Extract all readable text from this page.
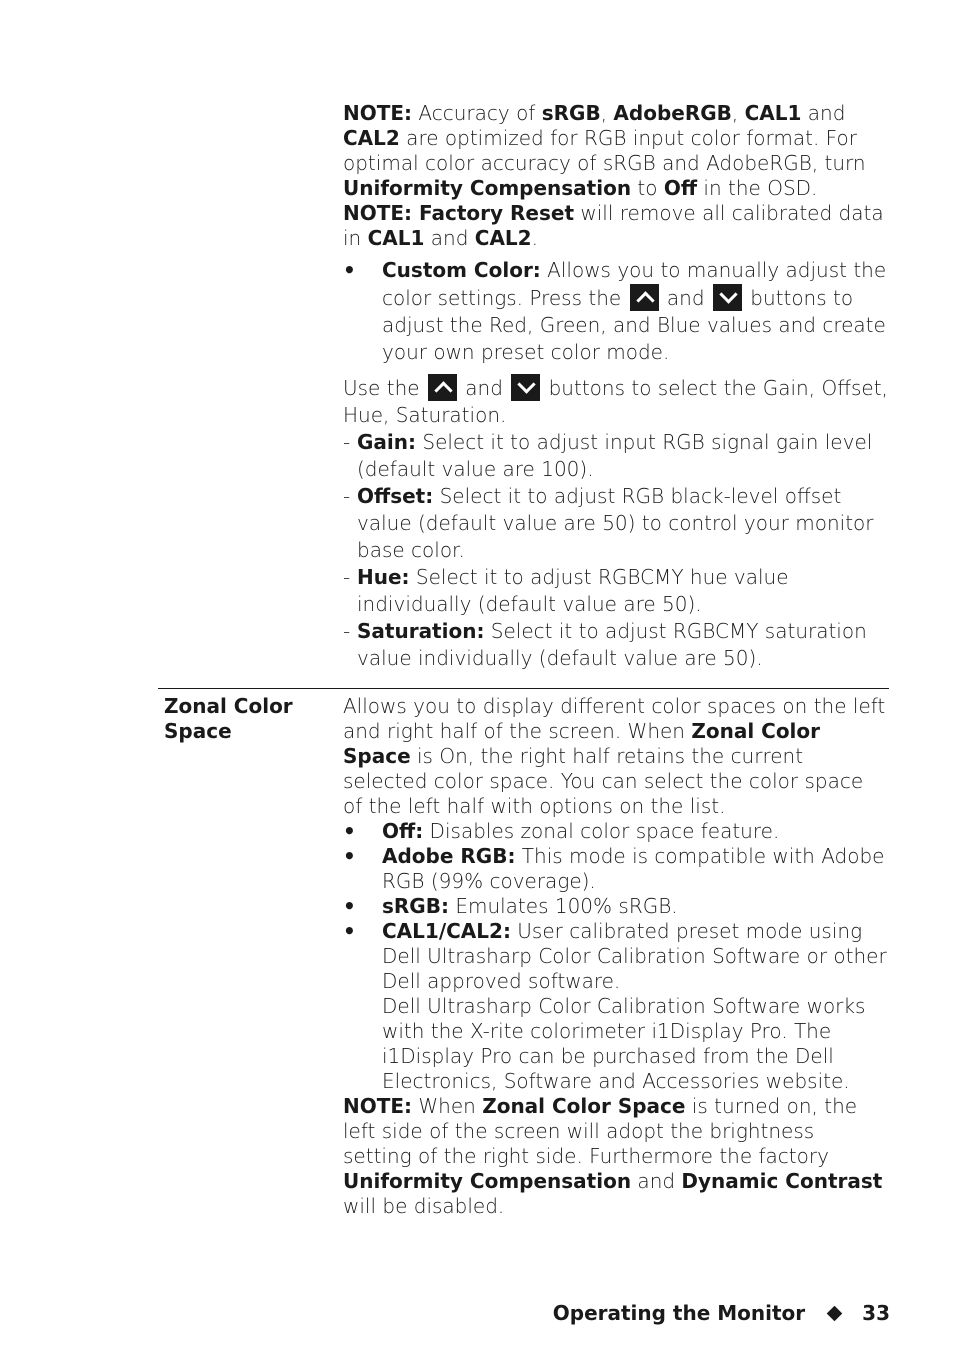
NOTE: Accuracy of sRGB, AdobeRGB, CAL1 and CAL2 are optimized for RGB input color format. For optimal color accuracy of sRGB and AdobeRGB, turn Uniformity Compensation to Off in the OSD.

NOTE: Factory Reset will remove all calibrated data in CAL1 and CAL2.

• Custom Color: Allows you to manually adjust the color settings. Press the  and  buttons to adjust the Red, Green, and Blue values and create your own preset color mode.

Use the  and  buttons to select the Gain, Offset, Hue, Saturation.

- Gain: Select it to adjust input RGB signal gain level (default value are 100).
- Offset: Select it to adjust RGB black-level offset value (default value are 50) to control your monitor base color.
- Hue: Select it to adjust RGBCMY hue value individually (default value are 50).
- Saturation: Select it to adjust RGBCMY saturation value individually (default value are 50).
Zonal Color Space

Allows you to display different color spaces on the left and right half of the screen. When Zonal Color Space is On, the right half retains the current selected color space. You can select the color space of the left half with options on the list.

• Off: Disables zonal color space feature.
• Adobe RGB: This mode is compatible with Adobe RGB (99% coverage).
• sRGB: Emulates 100% sRGB.
• CAL1/CAL2: User calibrated preset mode using Dell Ultrasharp Color Calibration Software or other Dell approved software.

Dell Ultrasharp Color Calibration Software works with the X-rite colorimeter i1Display Pro. The i1Display Pro can be purchased from the Dell Electronics, Software and Accessories website.

NOTE: When Zonal Color Space is turned on, the left side of the screen will adopt the brightness setting of the right side. Furthermore the factory Uniformity Compensation and Dynamic Contrast will be disabled.

Operating the Monitor	33
